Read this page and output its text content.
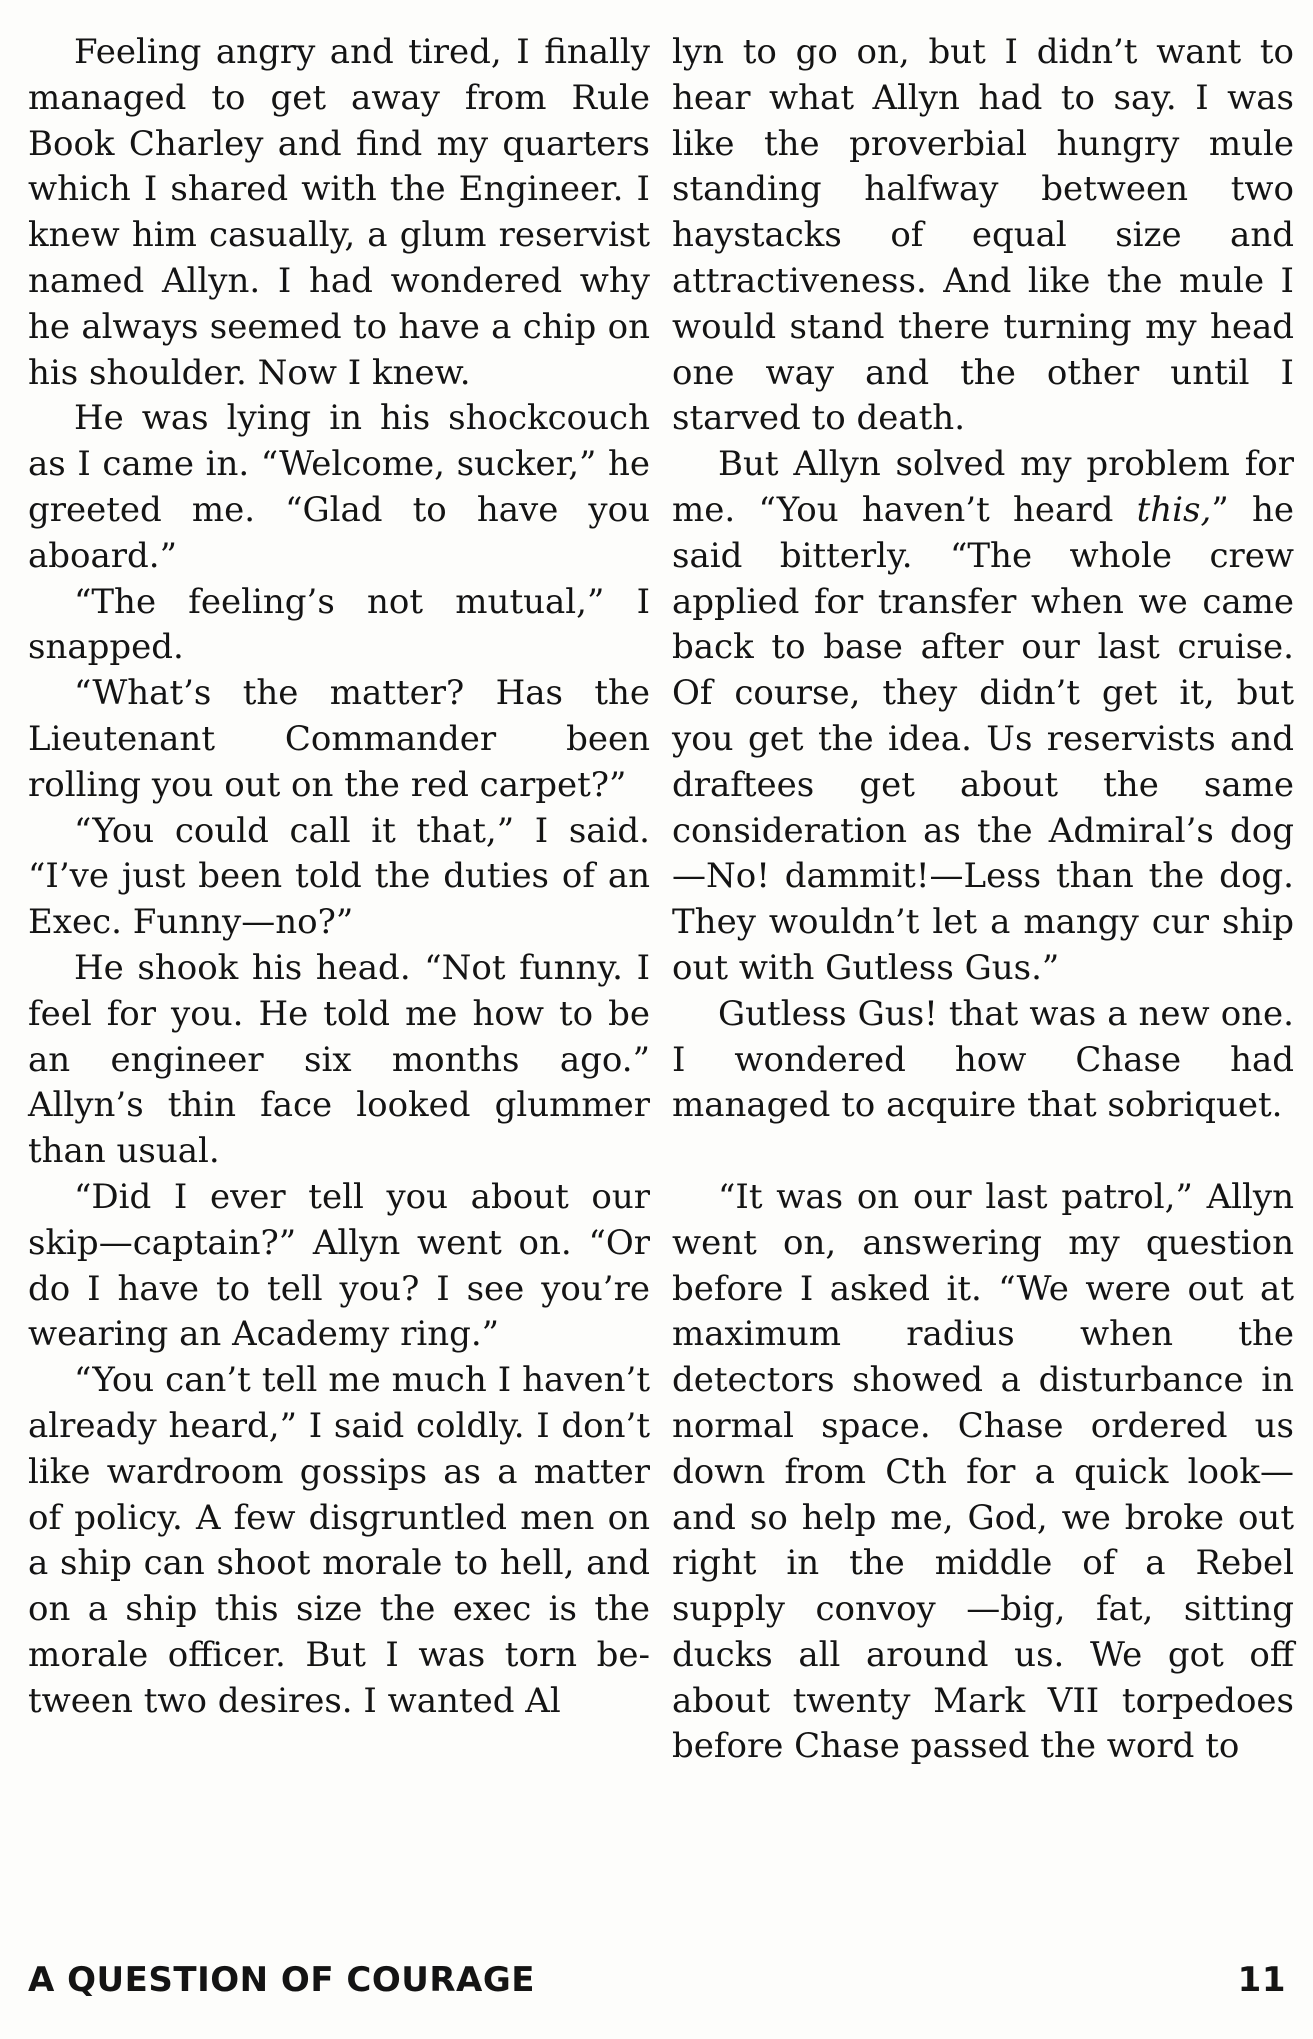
Feeling angry and tired, I finally managed to get away from Rule Book Charley and find my quarters which I shared with the Engineer. I knew him casually, a glum reservist named Allyn. I had wondered why he always seemed to have a chip on his shoulder. Now I knew.

He was lying in his shockcouch as I came in. “Welcome, sucker,” he greeted me. “Glad to have you aboard.”

“The feeling’s not mutual,” I snapped.

“What’s the matter? Has the Lieutenant Commander been rolling you out on the red carpet?”

“You could call it that,” I said. “I’ve just been told the duties of an Exec. Funny—no?”

He shook his head. “Not funny. I feel for you. He told me how to be an engineer six months ago.” Allyn’s thin face looked glummer than usual.

“Did I ever tell you about our skip—captain?” Allyn went on. “Or do I have to tell you? I see you’re wearing an Academy ring.”

“You can’t tell me much I haven’t already heard,” I said coldly. I don’t like wardroom gossips as a matter of policy. A few disgruntled men on a ship can shoot morale to hell, and on a ship this size the exec is the morale officer. But I was torn between two desires. I wanted Al

lyn to go on, but I didn’t want to hear what Allyn had to say. I was like the proverbial hungry mule standing halfway between two haystacks of equal size and attractiveness. And like the mule I would stand there turning my head one way and the other until I starved to death.

But Allyn solved my problem for me. “You haven’t heard this,” he said bitterly. “The whole crew applied for transfer when we came back to base after our last cruise. Of course, they didn’t get it, but you get the idea. Us reservists and draftees get about the same consideration as the Admiral’s dog—No! dammit!—Less than the dog. They wouldn’t let a mangy cur ship out with Gutless Gus.”

Gutless Gus! that was a new one. I wondered how Chase had managed to acquire that sobriquet.

“It was on our last patrol,” Allyn went on, answering my question before I asked it. “We were out at maximum radius when the detectors showed a disturbance in normal space. Chase ordered us down from Cth for a quick look—and so help me, God, we broke out right in the middle of a Rebel supply convoy —big, fat, sitting ducks all around us. We got off about twenty Mark VII torpedoes before Chase passed the word to

A QUESTION OF COURAGE	11
